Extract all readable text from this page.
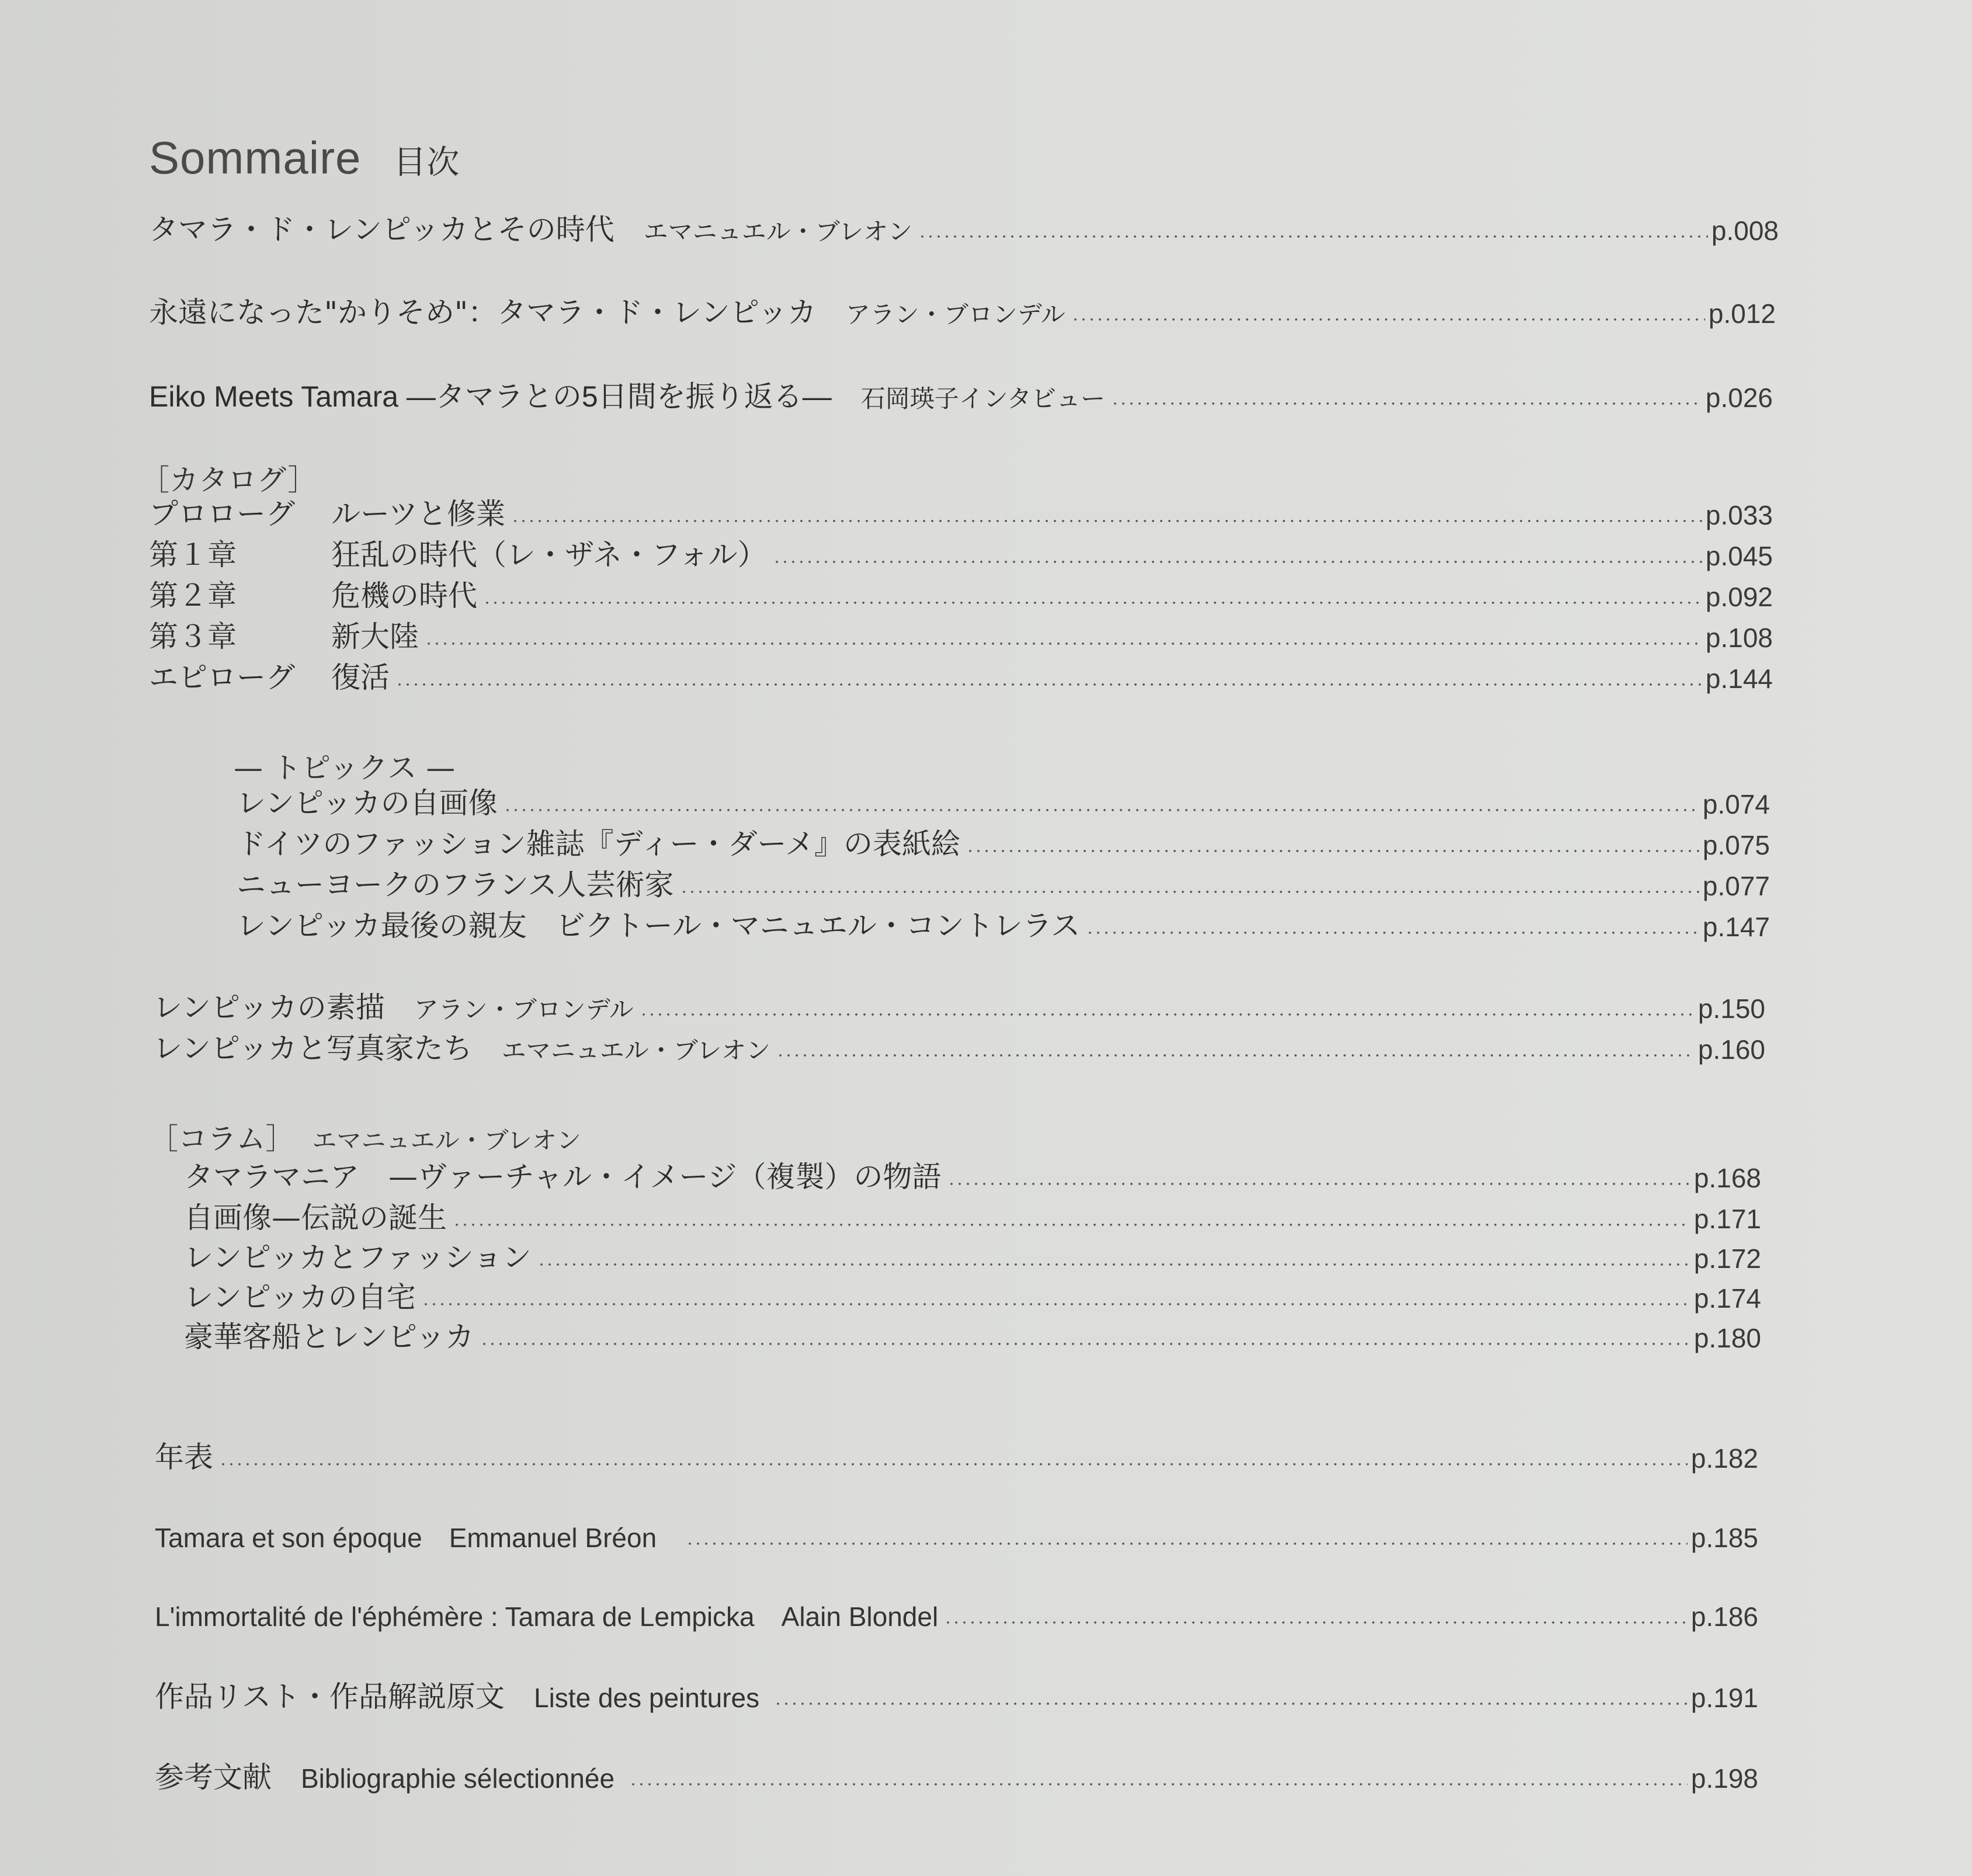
Sommaire 目次
タマラ・ド・レンピッカとその時代 エマニュエル・ブレオン	p.008
永遠になった"かりそめ"：タマラ・ド・レンピッカ アラン・ブロンデル	p.012
Eiko Meets Tamara —タマラとの5日間を振り返る— 石岡瑛子インタビュー	p.026
［カタログ］
プロローグ	ルーツと修業	p.033
第１章	狂乱の時代（レ・ザネ・フォル）	p.045
第２章	危機の時代	p.092
第３章	新大陸	p.108
エピローグ	復活	p.144
— トピックス —
レンピッカの自画像	p.074
ドイツのファッション雑誌『ディー・ダーメ』の表紙絵	p.075
ニューヨークのフランス人芸術家	p.077
レンピッカ最後の親友　ビクトール・マニュエル・コントレラス	p.147
レンピッカの素描 アラン・ブロンデル	p.150
レンピッカと写真家たち エマニュエル・ブレオン	p.160
［コラム］ エマニュエル・ブレオン
タマラマニア　—ヴァーチャル・イメージ（複製）の物語	p.168
自画像—伝説の誕生	p.171
レンピッカとファッション	p.172
レンピッカの自宅	p.174
豪華客船とレンピッカ	p.180
年表	p.182
Tamara et son époque　Emmanuel Bréon	p.185
L'immortalité de l'éphémère : Tamara de Lempicka　Alain Blondel	p.186
作品リスト・作品解説原文 Liste des peintures	p.191
参考文献 Bibliographie sélectionnée	p.198
